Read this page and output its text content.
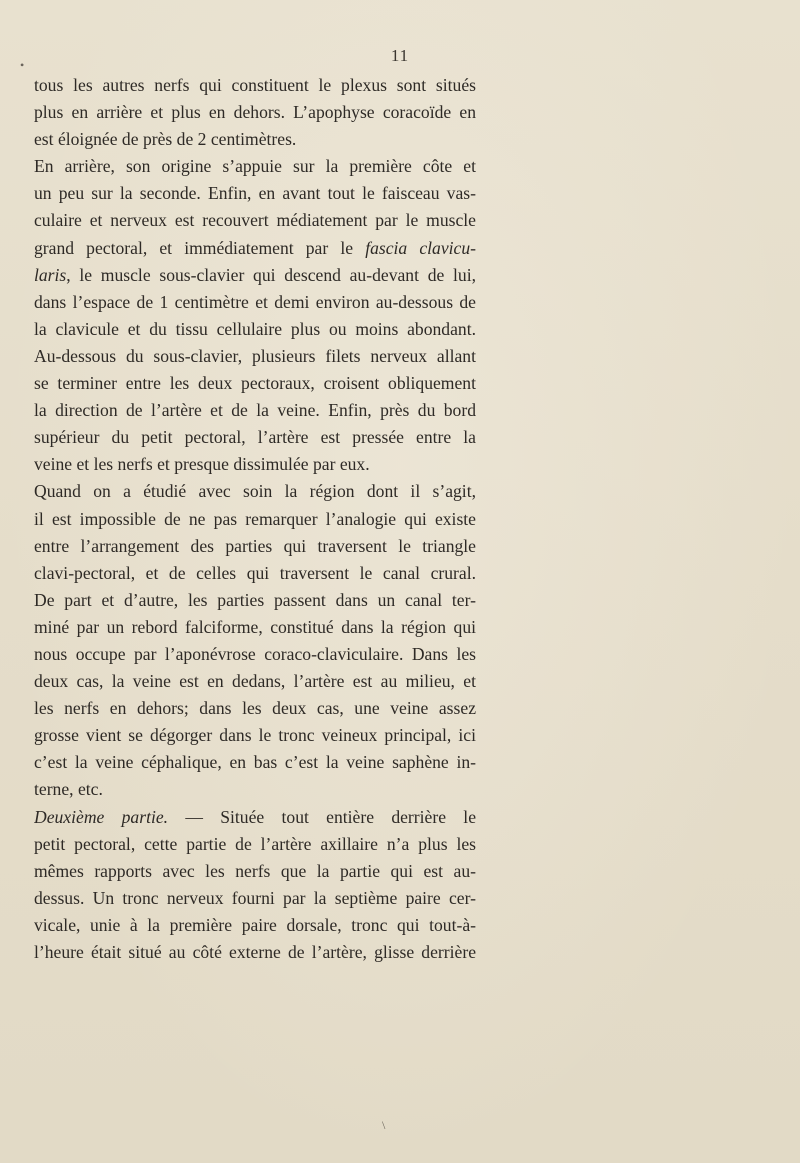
11
tous les autres nerfs qui constituent le plexus sont situés
plus en arrière et plus en dehors. L’apophyse coracoïde en
est éloignée de près de 2 centimètres.
En arrière, son origine s’appuie sur la première côte et
un peu sur la seconde. Enfin, en avant tout le faisceau vas-
culaire et nerveux est recouvert médiatement par le muscle
grand pectoral, et immédiatement par le fascia clavicu-
laris, le muscle sous-clavier qui descend au-devant de lui,
dans l’espace de 1 centimètre et demi environ au-dessous de
la clavicule et du tissu cellulaire plus ou moins abondant.
Au-dessous du sous-clavier, plusieurs filets nerveux allant
se terminer entre les deux pectoraux, croisent obliquement
la direction de l’artère et de la veine. Enfin, près du bord
supérieur du petit pectoral, l’artère est pressée entre la
veine et les nerfs et presque dissimulée par eux.
Quand on a étudié avec soin la région dont il s’agit,
il est impossible de ne pas remarquer l’analogie qui existe
entre l’arrangement des parties qui traversent le triangle
clavi-pectoral, et de celles qui traversent le canal crural.
De part et d’autre, les parties passent dans un canal ter-
miné par un rebord falciforme, constitué dans la région qui
nous occupe par l’aponévrose coraco-claviculaire. Dans les
deux cas, la veine est en dedans, l’artère est au milieu, et
les nerfs en dehors; dans les deux cas, une veine assez
grosse vient se dégorger dans le tronc veineux principal, ici
c’est la veine céphalique, en bas c’est la veine saphène in-
terne, etc.
Deuxième partie. — Située tout entière derrière le
petit pectoral, cette partie de l’artère axillaire n’a plus les
mêmes rapports avec les nerfs que la partie qui est au-
dessus. Un tronc nerveux fourni par la septième paire cer-
vicale, unie à la première paire dorsale, tronc qui tout-à-
l’heure était situé au côté externe de l’artère, glisse derrière
•
\
